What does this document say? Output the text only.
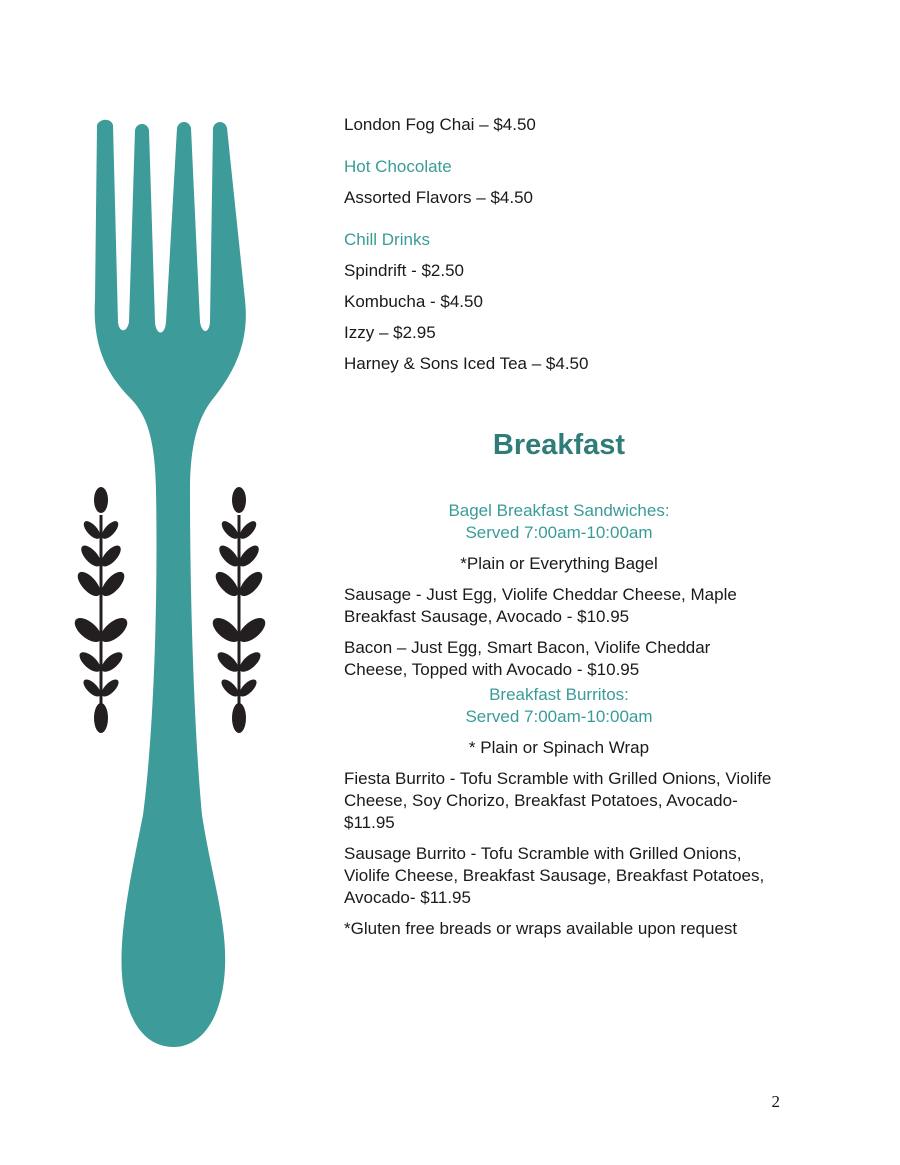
London Fog Chai – $4.50

Hot Chocolate

Assorted Flavors – $4.50

Chill Drinks

Spindrift - $2.50

Kombucha - $4.50

Izzy – $2.95

Harney & Sons Iced Tea – $4.50

Breakfast

Bagel Breakfast Sandwiches:

Served 7:00am-10:00am

*Plain or Everything Bagel

Sausage - Just Egg, Violife Cheddar Cheese, Maple Breakfast Sausage, Avocado - $10.95

Bacon – Just Egg, Smart Bacon, Violife Cheddar Cheese, Topped with Avocado - $10.95

Breakfast Burritos:

Served 7:00am-10:00am

* Plain or Spinach Wrap

Fiesta Burrito - Tofu Scramble with Grilled Onions, Violife Cheese, Soy Chorizo, Breakfast Potatoes, Avocado- $11.95

Sausage Burrito - Tofu Scramble with Grilled Onions, Violife Cheese, Breakfast Sausage, Breakfast Potatoes, Avocado- $11.95

*Gluten free breads or wraps available upon request

2
